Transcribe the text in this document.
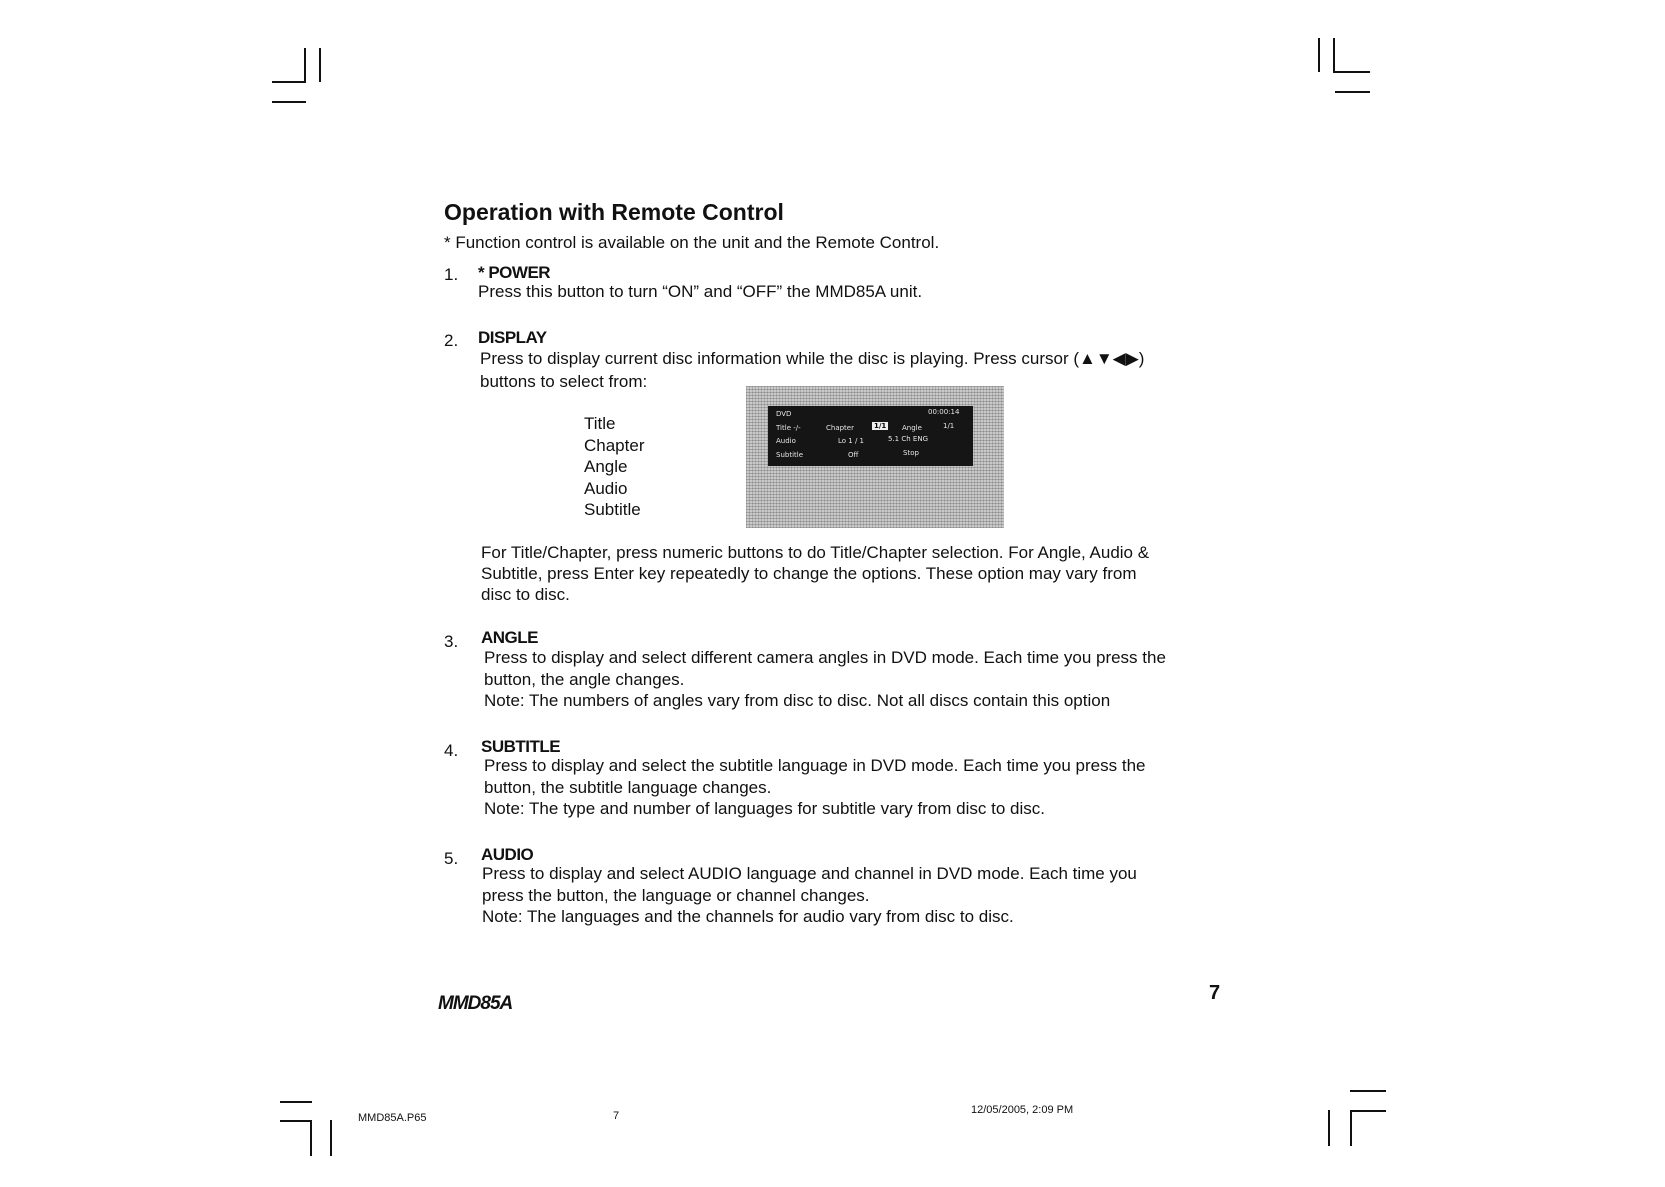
Operation with Remote Control
* Function control is available on the unit and the Remote Control.
1. * POWER
Press this button to turn “ON” and “OFF” the MMD85A unit.
2. DISPLAY
Press to display current disc information while the disc is playing. Press cursor (▲▼◀▶)
buttons to select from:
Title
Chapter
Angle
Audio
Subtitle
DVD	00:00:14
Title -/-	Chapter	1/1 Angle	1/1
Audio	Lo 1 / 1	5.1 Ch ENG
Subtitle	Off	Stop
For Title/Chapter, press numeric buttons to do Title/Chapter selection. For Angle, Audio &
Subtitle, press Enter key repeatedly to change the options. These option may vary from
disc to disc.
3. ANGLE
Press to display and select different camera angles in DVD mode. Each time you press the
button, the angle changes.
Note: The numbers of angles vary from disc to disc. Not all discs contain this option
4. SUBTITLE
Press to display and select the subtitle language in DVD mode. Each time you press the
button, the subtitle language changes.
Note: The type and number of languages for subtitle vary from disc to disc.
5. AUDIO
Press to display and select AUDIO language and channel in DVD mode. Each time you
press the button, the language or channel changes.
Note: The languages and the channels for audio vary from disc to disc.
MMD85A	7
MMD85A.P65	7	12/05/2005, 2:09 PM
